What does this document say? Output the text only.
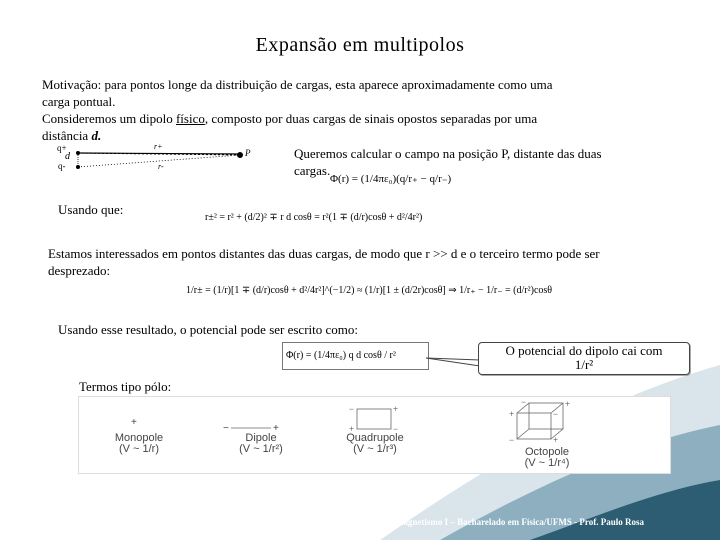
Expansão em multipolos
Motivação: para pontos longe da distribuição de cargas, esta aparece aproximadamente como uma
carga pontual.
Consideremos um dipolo físico, composto por duas cargas de sinais opostos separadas por uma
distância d.
q+
q-
d
r+
r-
P	Queremos calcular o campo na posição P, distante das duas
cargas.
Φ(r) = (1/4πε₀)(q/r₊ − q/r₋)
Usando que:
r±² = r² + (d/2)² ∓ r d cosθ = r²(1 ∓ (d/r)cosθ + d²/4r²)
Estamos interessados em pontos distantes das duas cargas, de modo que r >> d e o terceiro termo pode ser
desprezado:
1/r± = (1/r)[1 ∓ (d/r)cosθ + d²/4r²]^(−1/2) ≈ (1/r)[1 ± (d/2r)cosθ] ⇒ 1/r₊ − 1/r₋ = (d/r²)cosθ
Usando esse resultado, o potencial pode ser escrito como:
Φ(r) = (1/4πε₀) q d cosθ / r²	O potencial do dipolo cai com
1/r²
Termos tipo pólo:
+
−	+
−	+
+	−
+	−
+
−
−	+
Monopole
(V ~ 1/r)
Dipole
(V ~ 1/r²)
Quadrupole
(V ~ 1/r³)	Octopole
(V ~ 1/r⁴)
Eletromagnetismo I – Bacharelado em Física/UFMS - Prof. Paulo Rosa
